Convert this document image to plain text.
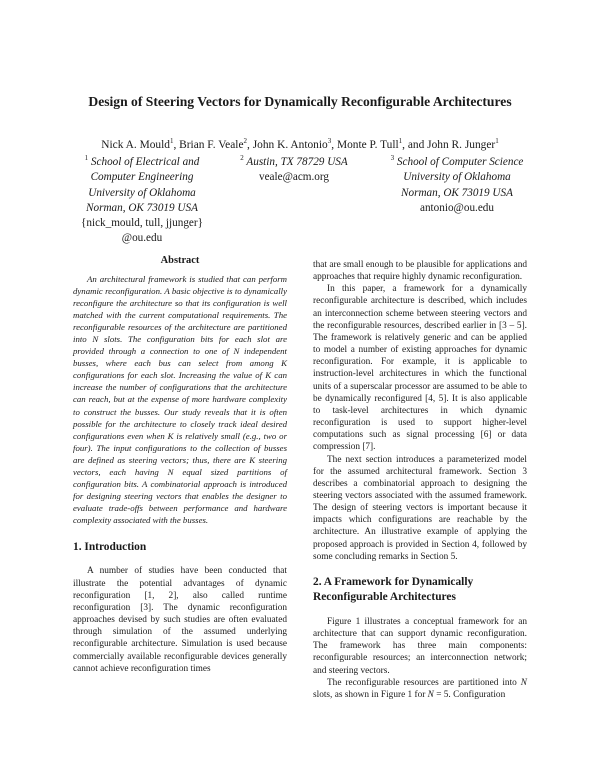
Design of Steering Vectors for Dynamically Reconfigurable Architectures
Nick A. Mould$^1$, Brian F. Veale$^2$, John K. Antonio$^3$, Monte P. Tull$^1$, and John R. Junger$^1$
$^1$ School of Electrical and
Computer Engineering
University of Oklahoma
Norman, OK 73019 USA
{nick_mould, tull, jjunger}
@ou.edu
$^2$ Austin, TX 78729 USA
veale@acm.org
$^3$ School of Computer Science
University of Oklahoma
Norman, OK 73019 USA
antonio@ou.edu
Abstract

An architectural framework is studied that can perform dynamic reconfiguration. A basic objective is to dynamically reconfigure the architecture so that its configuration is well matched with the current computational requirements. The reconfigurable resources of the architecture are partitioned into N slots. The configuration bits for each slot are provided through a connection to one of N independent busses, where each bus can select from among K configurations for each slot. Increasing the value of K can increase the number of configurations that the architecture can reach, but at the expense of more hardware complexity to construct the busses. Our study reveals that it is often possible for the architecture to closely track ideal desired configurations even when K is relatively small (e.g., two or four). The input configurations to the collection of busses are defined as steering vectors; thus, there are K steering vectors, each having N equal sized partitions of configuration bits. A combinatorial approach is introduced for designing steering vectors that enables the designer to evaluate trade-offs between performance and hardware complexity associated with the busses.

1. Introduction

A number of studies have been conducted that illustrate the potential advantages of dynamic reconfiguration [1, 2], also called runtime reconfiguration [3]. The dynamic reconfiguration approaches devised by such studies are often evaluated through simulation of the assumed underlying reconfigurable architecture. Simulation is used because commercially available reconfigurable devices generally cannot achieve reconfiguration times

that are small enough to be plausible for applications and approaches that require highly dynamic reconfiguration.

In this paper, a framework for a dynamically reconfigurable architecture is described, which includes an interconnection scheme between steering vectors and the reconfigurable resources, described earlier in [3 – 5]. The framework is relatively generic and can be applied to model a number of existing approaches for dynamic reconfiguration. For example, it is applicable to instruction-level architectures in which the functional units of a superscalar processor are assumed to be able to be dynamically reconfigured [4, 5]. It is also applicable to task-level architectures in which dynamic reconfiguration is used to support higher-level computations such as signal processing [6] or data compression [7].

The next section introduces a parameterized model for the assumed architectural framework. Section 3 describes a combinatorial approach to designing the steering vectors associated with the assumed framework. The design of steering vectors is important because it impacts which configurations are reachable by the architecture. An illustrative example of applying the proposed approach is provided in Section 4, followed by some concluding remarks in Section 5.

2. A Framework for Dynamically Reconfigurable Architectures

Figure 1 illustrates a conceptual framework for an architecture that can support dynamic reconfiguration. The framework has three main components: reconfigurable resources; an interconnection network; and steering vectors.

The reconfigurable resources are partitioned into N slots, as shown in Figure 1 for N = 5. Configuration
